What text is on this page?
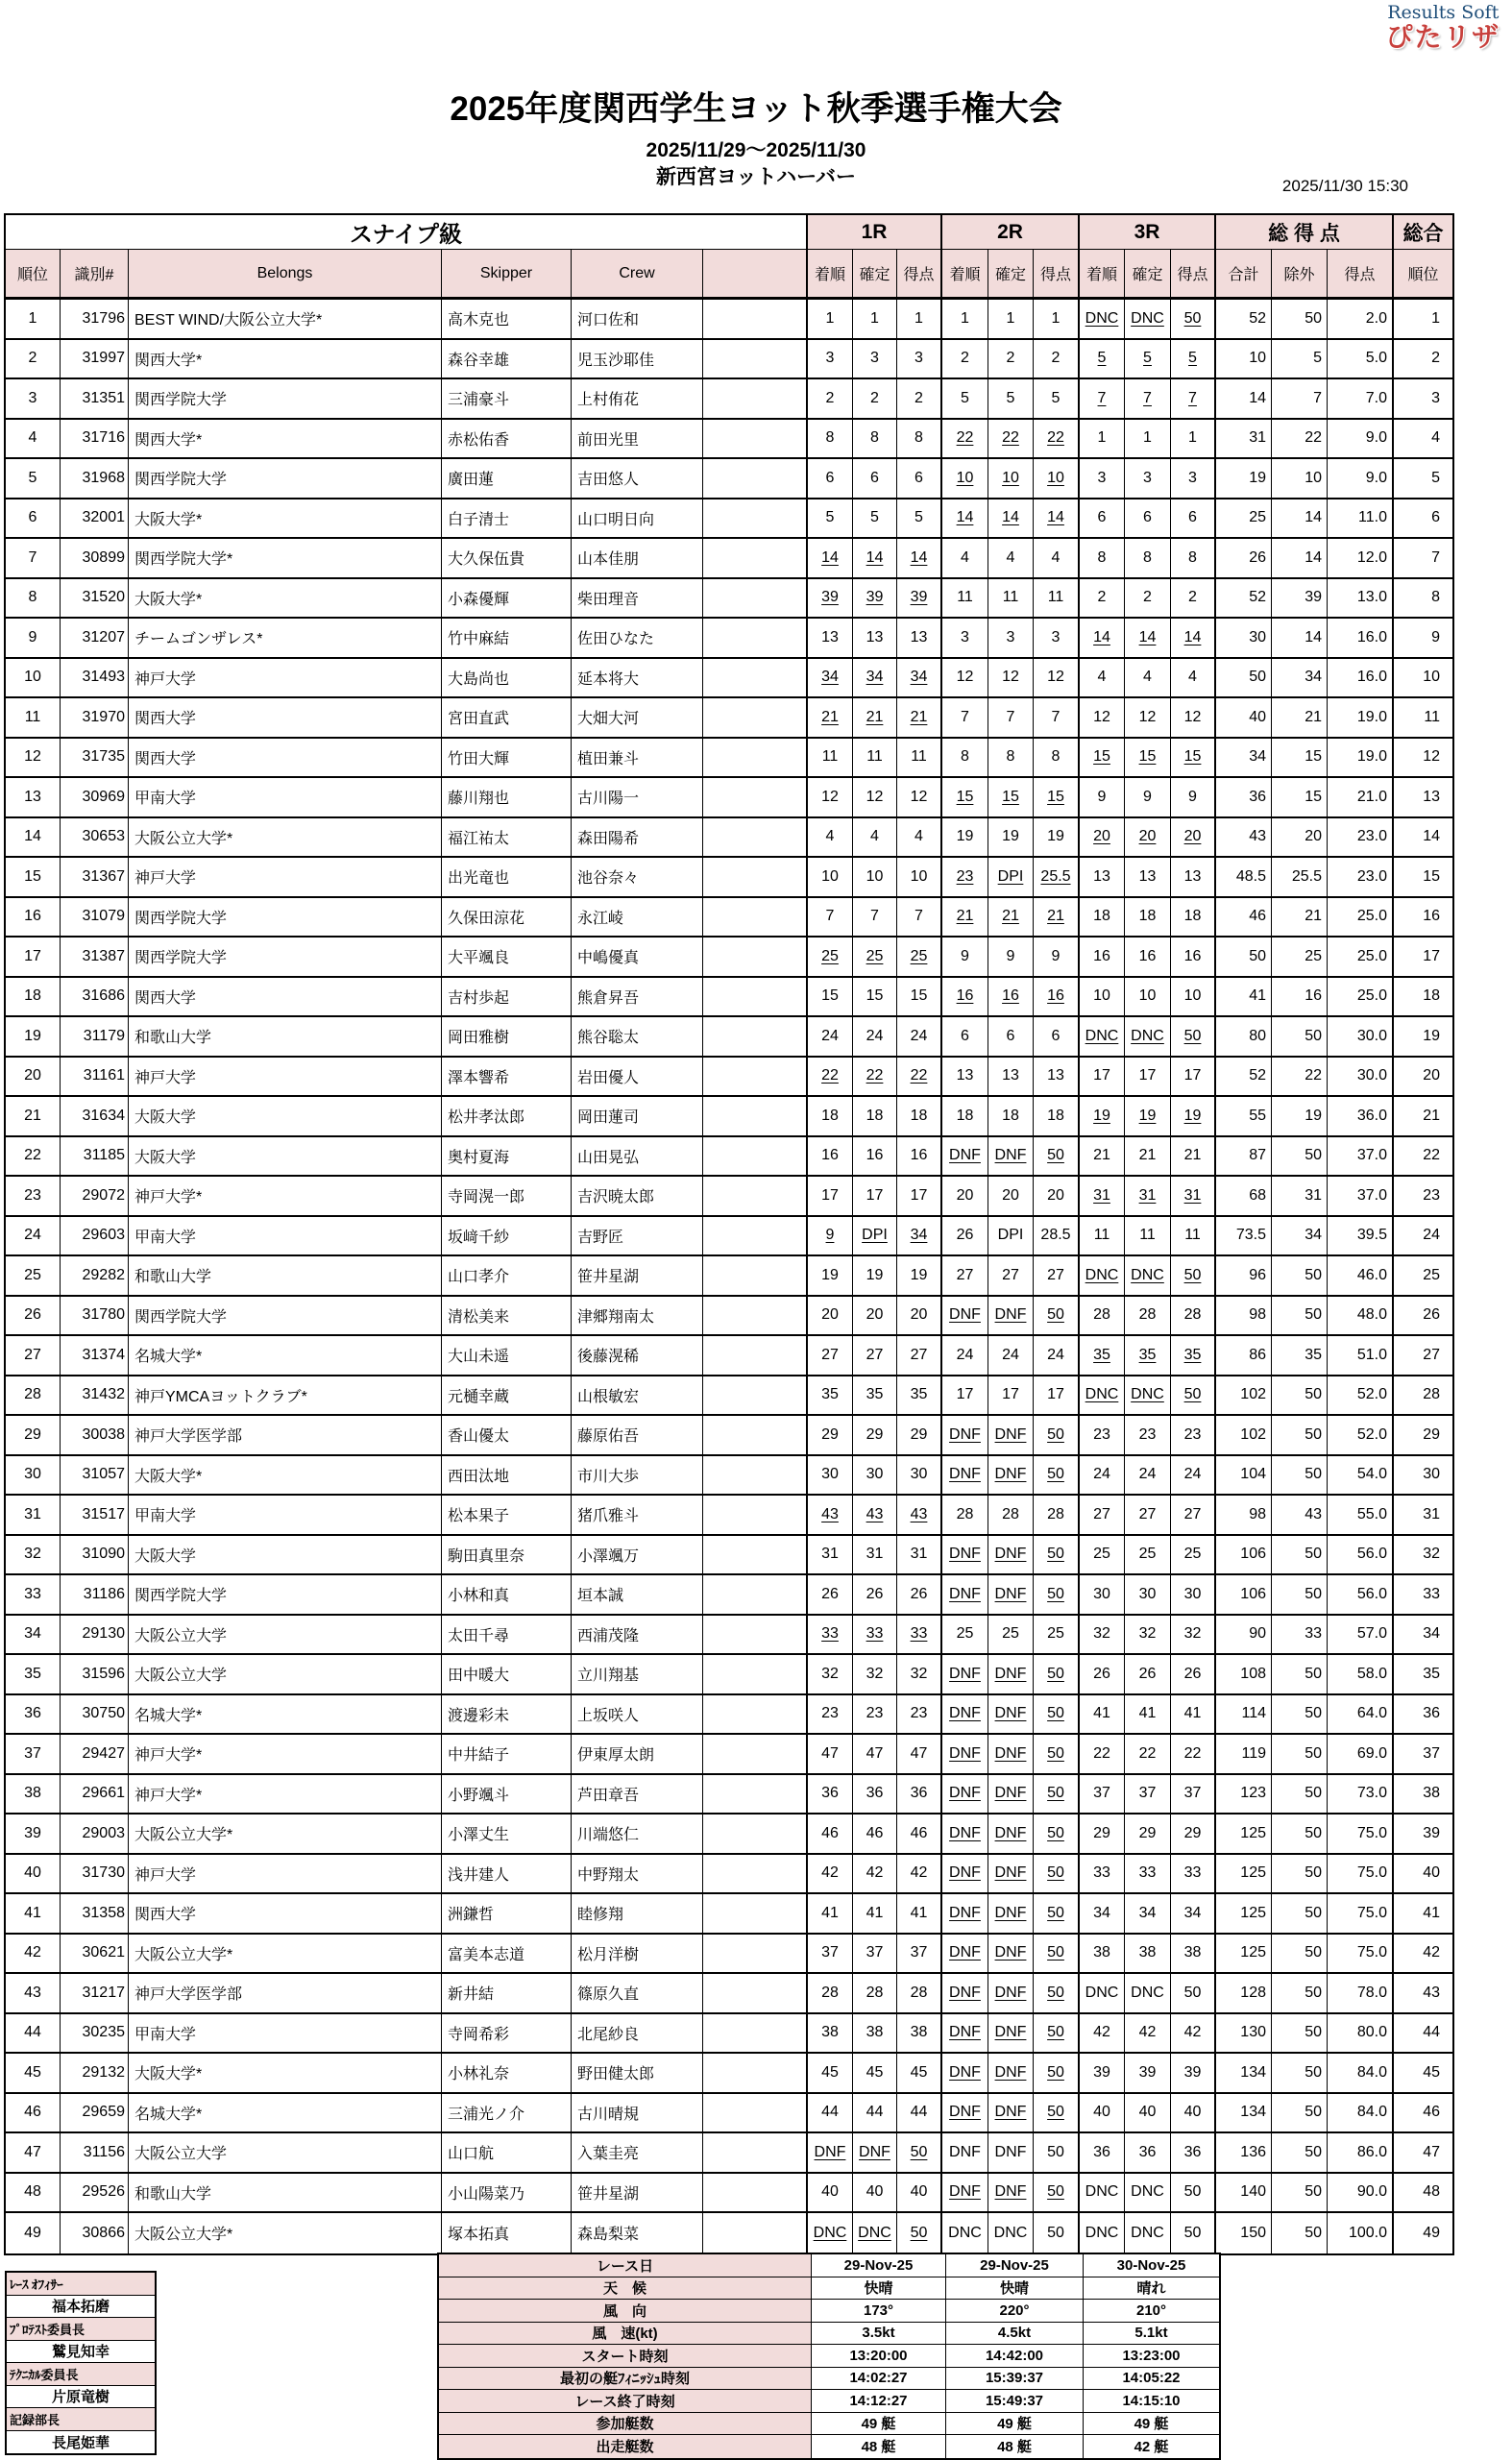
Results Soft
ぴたリザ
2025年度関西学生ヨット秋季選手権大会
2025/11/29～2025/11/30
新西宮ヨットハーバー	2025/11/30 15:30
スナイプ級	1R	2R	3R	総 得 点	総合
順位	識別#	Belongs	Skipper	Crew	着順 確定 得点 着順 確定 得点 着順 確定 得点	合計	除外	得点	順位
1	31796 BEST WIND/大阪公立大学*	高木克也	河口佐和	1	1	1	1	1	1	DNC DNC	50	52	50	2.0	1
2	31997 関西大学*	森谷幸雄	児玉沙耶佳	3	3	3	2	2	2	5	5	5	10	5	5.0	2
3	31351 関西学院大学	三浦豪斗	上村侑花	2	2	2	5	5	5	7	7	7	14	7	7.0	3
4	31716 関西大学*	赤松佑香	前田光里	8	8	8	22	22	22	1	1	1	31	22	9.0	4
5	31968 関西学院大学	廣田蓮	吉田悠人	6	6	6	10	10	10	3	3	3	19	10	9.0	5
6	32001 大阪大学*	白子清士	山口明日向	5	5	5	14	14	14	6	6	6	25	14	11.0	6
7	30899 関西学院大学*	大久保伍貴	山本佳朋	14	14	14	4	4	4	8	8	8	26	14	12.0	7
8	31520 大阪大学*	小森優輝	柴田理音	39	39	39	11	11	11	2	2	2	52	39	13.0	8
9	31207 チームゴンザレス*	竹中麻結	佐田ひなた	13	13	13	3	3	3	14	14	14	30	14	16.0	9
10	31493 神戸大学	大島尚也	延本将大	34	34	34	12	12	12	4	4	4	50	34	16.0	10
11	31970 関西大学	宮田直武	大畑大河	21	21	21	7	7	7	12	12	12	40	21	19.0	11
12	31735 関西大学	竹田大輝	植田兼斗	11	11	11	8	8	8	15	15	15	34	15	19.0	12
13	30969 甲南大学	藤川翔也	古川陽一	12	12	12	15	15	15	9	9	9	36	15	21.0	13
14	30653 大阪公立大学*	福江祐太	森田陽希	4	4	4	19	19	19	20	20	20	43	20	23.0	14
15	31367 神戸大学	出光竜也	池谷奈々	10	10	10	23	DPI	25.5	13	13	13	48.5	25.5	23.0	15
16	31079 関西学院大学	久保田涼花	永江崚	7	7	7	21	21	21	18	18	18	46	21	25.0	16
17	31387 関西学院大学	大平颯良	中嶋優真	25	25	25	9	9	9	16	16	16	50	25	25.0	17
18	31686 関西大学	吉村歩起	熊倉昇吾	15	15	15	16	16	16	10	10	10	41	16	25.0	18
19	31179 和歌山大学	岡田雅樹	熊谷聡太	24	24	24	6	6	6	DNC DNC	50	80	50	30.0	19
20	31161 神戸大学	澤本響希	岩田優人	22	22	22	13	13	13	17	17	17	52	22	30.0	20
21	31634 大阪大学	松井孝汰郎	岡田蓮司	18	18	18	18	18	18	19	19	19	55	19	36.0	21
22	31185 大阪大学	奥村夏海	山田晃弘	16	16	16	DNF DNF	50	21	21	21	87	50	37.0	22
23	29072 神戸大学*	寺岡滉一郎	吉沢暁太郎	17	17	17	20	20	20	31	31	31	68	31	37.0	23
24	29603 甲南大学	坂﨑千紗	吉野匠	9	DPI	34	26	DPI	28.5	11	11	11	73.5	34	39.5	24
25	29282 和歌山大学	山口孝介	笹井星湖	19	19	19	27	27	27	DNC DNC	50	96	50	46.0	25
26	31780 関西学院大学	清松美来	津郷翔南太	20	20	20	DNF DNF	50	28	28	28	98	50	48.0	26
27	31374 名城大学*	大山未遥	後藤滉稀	27	27	27	24	24	24	35	35	35	86	35	51.0	27
28	31432 神戸YMCAヨットクラブ*	元樋幸蔵	山根敏宏	35	35	35	17	17	17	DNC DNC	50	102	50	52.0	28
29	30038 神戸大学医学部	香山優太	藤原佑吾	29	29	29	DNF DNF	50	23	23	23	102	50	52.0	29
30	31057 大阪大学*	西田汰地	市川大歩	30	30	30	DNF DNF	50	24	24	24	104	50	54.0	30
31	31517 甲南大学	松本果子	猪爪雅斗	43	43	43	28	28	28	27	27	27	98	43	55.0	31
32	31090 大阪大学	駒田真里奈	小澤颯万	31	31	31	DNF DNF	50	25	25	25	106	50	56.0	32
33	31186 関西学院大学	小林和真	垣本誠	26	26	26	DNF DNF	50	30	30	30	106	50	56.0	33
34	29130 大阪公立大学	太田千尋	西浦茂隆	33	33	33	25	25	25	32	32	32	90	33	57.0	34
35	31596 大阪公立大学	田中暖大	立川翔基	32	32	32	DNF DNF	50	26	26	26	108	50	58.0	35
36	30750 名城大学*	渡邊彩未	上坂咲人	23	23	23	DNF DNF	50	41	41	41	114	50	64.0	36
37	29427 神戸大学*	中井結子	伊東厚太朗	47	47	47	DNF DNF	50	22	22	22	119	50	69.0	37
38	29661 神戸大学*	小野颯斗	芦田章吾	36	36	36	DNF DNF	50	37	37	37	123	50	73.0	38
39	29003 大阪公立大学*	小澤丈生	川端悠仁	46	46	46	DNF DNF	50	29	29	29	125	50	75.0	39
40	31730 神戸大学	浅井建人	中野翔太	42	42	42	DNF DNF	50	33	33	33	125	50	75.0	40
41	31358 関西大学	洲鎌哲	睦修翔	41	41	41	DNF DNF	50	34	34	34	125	50	75.0	41
42	30621 大阪公立大学*	富美本志道	松月洋樹	37	37	37	DNF DNF	50	38	38	38	125	50	75.0	42
43	31217 神戸大学医学部	新井結	篠原久直	28	28	28	DNF DNF	50	DNC DNC	50	128	50	78.0	43
44	30235 甲南大学	寺岡希彩	北尾紗良	38	38	38	DNF DNF	50	42	42	42	130	50	80.0	44
45	29132 大阪大学*	小林礼奈	野田健太郎	45	45	45	DNF DNF	50	39	39	39	134	50	84.0	45
46	29659 名城大学*	三浦光ノ介	古川晴規	44	44	44	DNF DNF	50	40	40	40	134	50	84.0	46
47	31156 大阪公立大学	山口航	入葉圭亮	DNF DNF	50	DNF DNF	50	36	36	36	136	50	86.0	47
48	29526 和歌山大学	小山陽菜乃	笹井星湖	40	40	40	DNF DNF	50	DNC DNC	50	140	50	90.0	48
49	30866 大阪公立大学*	塚本拓真	森島梨菜	DNC DNC	50	DNC DNC	50	DNC DNC	50	150	50	100.0	49
ﾚｰｽ ｵﾌｨｻｰ
福本拓磨
ﾌﾟﾛﾃｽﾄ委員長
鷲見知幸
ﾃｸﾆｶﾙ委員長
片原竜樹
記録部長
長尾姫華
レース日	29-Nov-25	29-Nov-25	30-Nov-25
天　候	快晴	快晴	晴れ
風　向	173°	220°	210°
風　速(kt)	3.5kt	4.5kt	5.1kt
スタート時刻	13:20:00	14:42:00	13:23:00
最初の艇ﾌｨﾆｯｼｭ時刻	14:02:27	15:39:37	14:05:22
レース終了時刻	14:12:27	15:49:37	14:15:10
参加艇数	49 艇	49 艇	49 艇
出走艇数	48 艇	48 艇	42 艇
